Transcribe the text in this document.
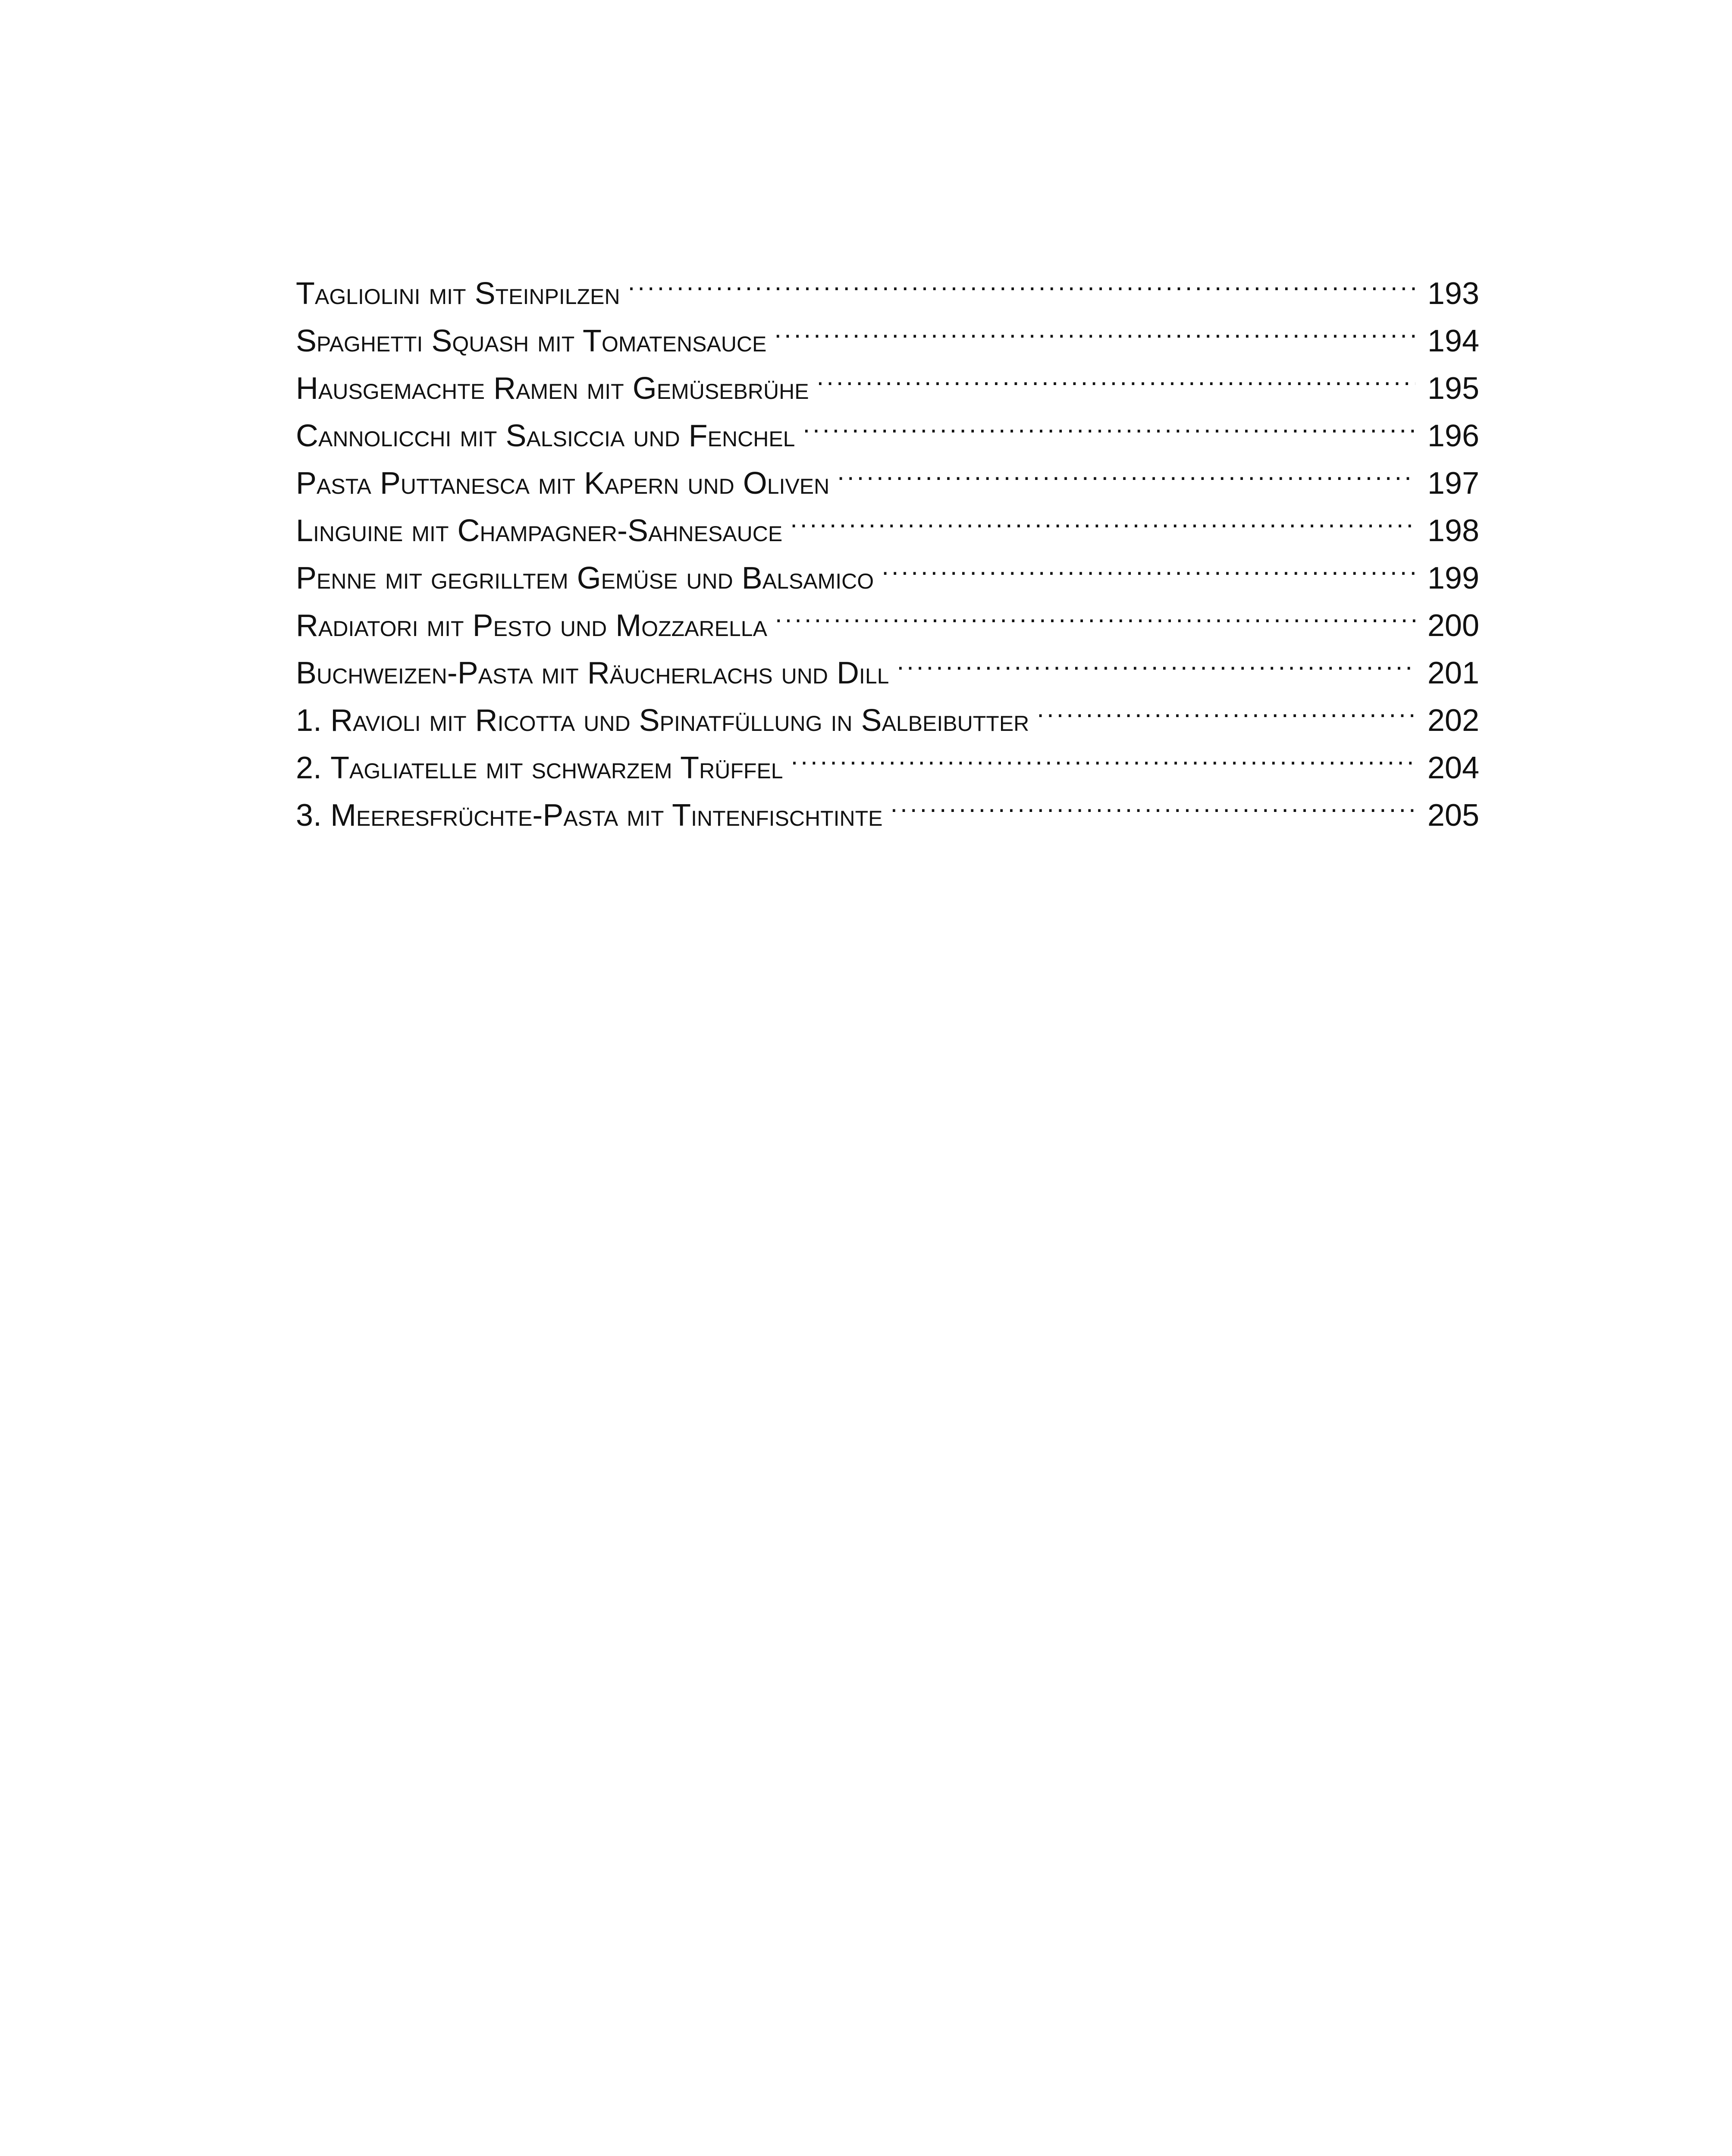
Tagliolini mit Steinpilzen .....	193
Spaghetti Squash mit Tomatensauce .....	194
Hausgemachte Ramen mit Gemüsebrühe .....	195
Cannolicchi mit Salsiccia und Fenchel .....	196
Pasta Puttanesca mit Kapern und Oliven .....	197
Linguine mit Champagner-Sahnesauce .....	198
Penne mit gegrilltem Gemüse und Balsamico .....	199
Radiatori mit Pesto und Mozzarella .....	200
Buchweizen-Pasta mit Räucherlachs und Dill .....	201
1. Ravioli mit Ricotta und Spinatfüllung in Salbeibutter .....	202
2. Tagliatelle mit schwarzem Trüffel .....	204
3. Meeresfrüchte-Pasta mit Tintenfischtinte .....	205
